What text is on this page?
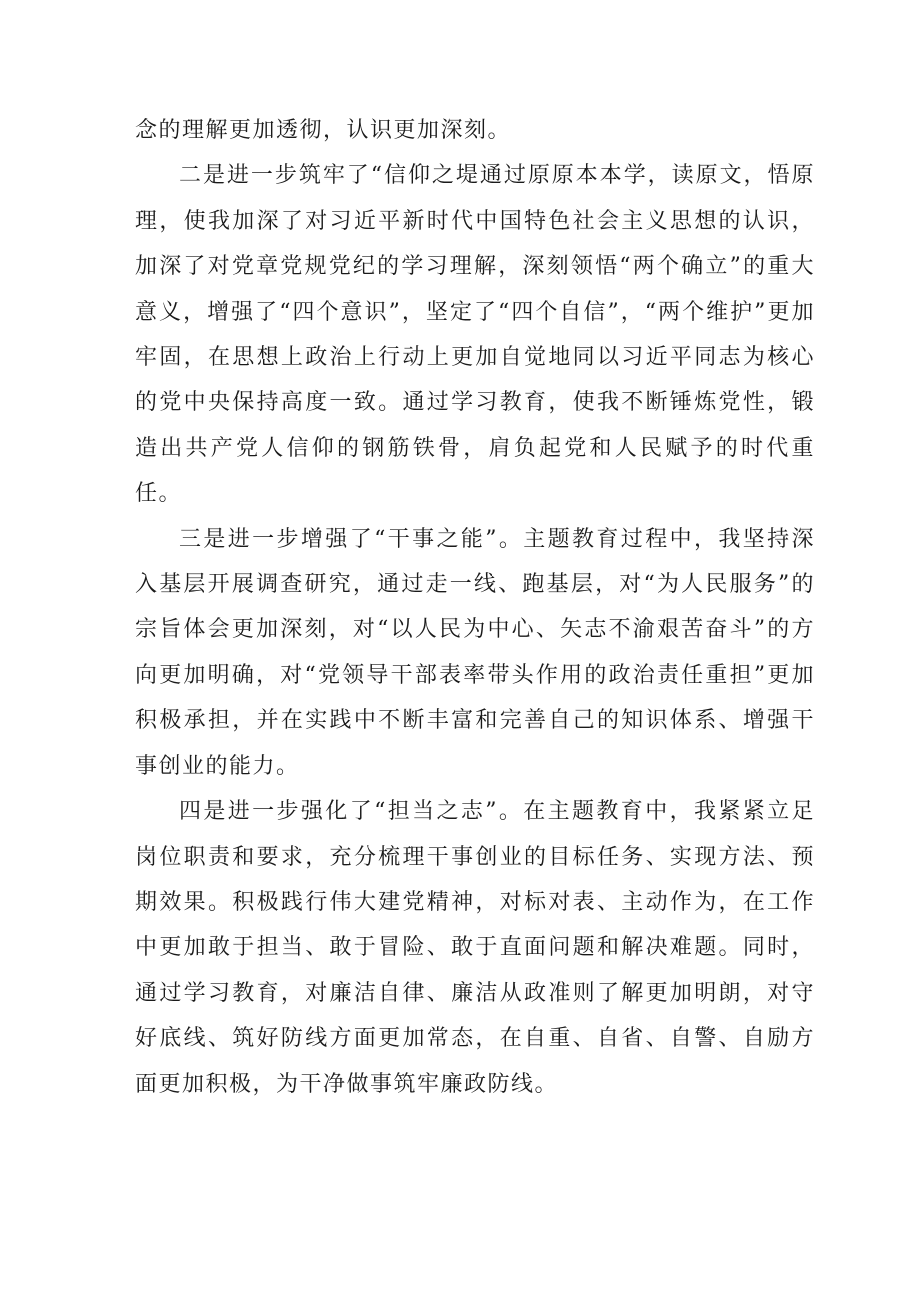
念的理解更加透彻，认识更加深刻。

二是进一步筑牢了“信仰之堤通过原原本本学，读原文，悟原理，使我加深了对习近平新时代中国特色社会主义思想的认识，加深了对党章党规党纪的学习理解，深刻领悟“两个确立”的重大意义，增强了“四个意识”，坚定了“四个自信”，“两个维护”更加牢固，在思想上政治上行动上更加自觉地同以习近平同志为核心的党中央保持高度一致。通过学习教育，使我不断锤炼党性，锻造出共产党人信仰的钢筋铁骨，肩负起党和人民赋予的时代重任。

三是进一步增强了“干事之能”。主题教育过程中，我坚持深入基层开展调查研究，通过走一线、跑基层，对“为人民服务”的宗旨体会更加深刻，对“以人民为中心、矢志不渝艰苦奋斗”的方向更加明确，对“党领导干部表率带头作用的政治责任重担”更加积极承担，并在实践中不断丰富和完善自己的知识体系、增强干事创业的能力。

四是进一步强化了“担当之志”。在主题教育中，我紧紧立足岗位职责和要求，充分梳理干事创业的目标任务、实现方法、预期效果。积极践行伟大建党精神，对标对表、主动作为，在工作中更加敢于担当、敢于冒险、敢于直面问题和解决难题。同时，通过学习教育，对廉洁自律、廉洁从政准则了解更加明朗，对守好底线、筑好防线方面更加常态，在自重、自省、自警、自励方面更加积极，为干净做事筑牢廉政防线。
